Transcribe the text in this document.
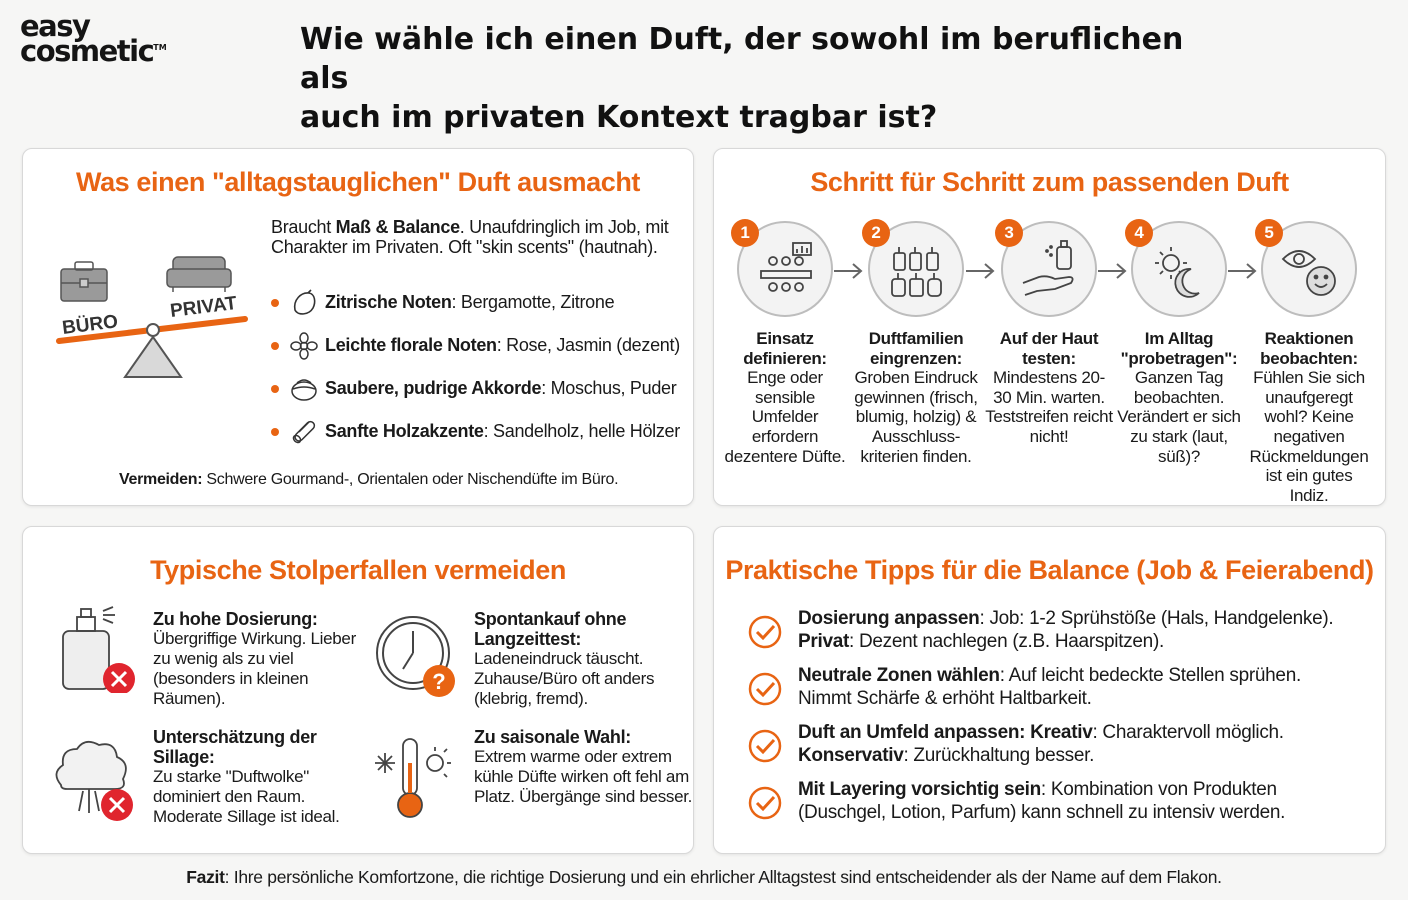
easy
cosmetic™	Wie wähle ich einen Duft, der sowohl im beruflichen als
auch im privaten Kontext tragbar ist?
Was einen "alltagstauglichen" Duft ausmacht
BÜRO
PRIVAT
Braucht Maß & Balance. Unaufdringlich im Job, mit Charakter im Privaten. Oft "skin scents" (hautnah).
Zitrische Noten: Bergamotte, Zitrone
Leichte florale Noten: Rose, Jasmin (dezent)
Saubere, pudrige Akkorde: Moschus, Puder
Sanfte Holzakzente: Sandelholz, helle Hölzer
Vermeiden: Schwere Gourmand-, Orientalen oder Nischendüfte im Büro.
Schritt für Schritt zum passenden Duft
1
Einsatz definieren:
Enge oder sensible Umfelder erfordern dezentere Düfte.
2
Duftfamilien eingrenzen:
Groben Eindruck gewinnen (frisch, blumig, holzig) & Ausschluss-kriterien finden.
3
Auf der Haut testen:
Mindestens 20-30 Min. warten. Teststreifen reicht nicht!
4
Im Alltag "probetragen":
Ganzen Tag beobachten. Verändert er sich zu stark (laut, süß)?
5
Reaktionen beobachten:
Fühlen Sie sich unaufgeregt wohl? Keine negativen Rückmeldungen ist ein gutes Indiz.
Typische Stolperfallen vermeiden
Zu hohe Dosierung:
Übergriffige Wirkung. Lieber zu wenig als zu viel (besonders in kleinen Räumen).
?
Spontankauf ohne Langzeittest:
Ladeneindruck täuscht. Zuhause/Büro oft anders (klebrig, fremd).
Unterschätzung der Sillage:
Zu starke "Duftwolke" dominiert den Raum. Moderate Sillage ist ideal.
Zu saisonale Wahl:
Extrem warme oder extrem kühle Düfte wirken oft fehl am Platz. Übergänge sind besser.
Praktische Tipps für die Balance (Job & Feierabend)
Dosierung anpassen: Job: 1-2 Sprühstöße (Hals, Handgelenke).
Privat: Dezent nachlegen (z.B. Haarspitzen).
Neutrale Zonen wählen: Auf leicht bedeckte Stellen sprühen.
Nimmt Schärfe & erhöht Haltbarkeit.
Duft an Umfeld anpassen: Kreativ: Charaktervoll möglich.
Konservativ: Zurückhaltung besser.
Mit Layering vorsichtig sein: Kombination von Produkten
(Duschgel, Lotion, Parfum) kann schnell zu intensiv werden.
Fazit: Ihre persönliche Komfortzone, die richtige Dosierung und ein ehrlicher Alltagstest sind entscheidender als der Name auf dem Flakon.
